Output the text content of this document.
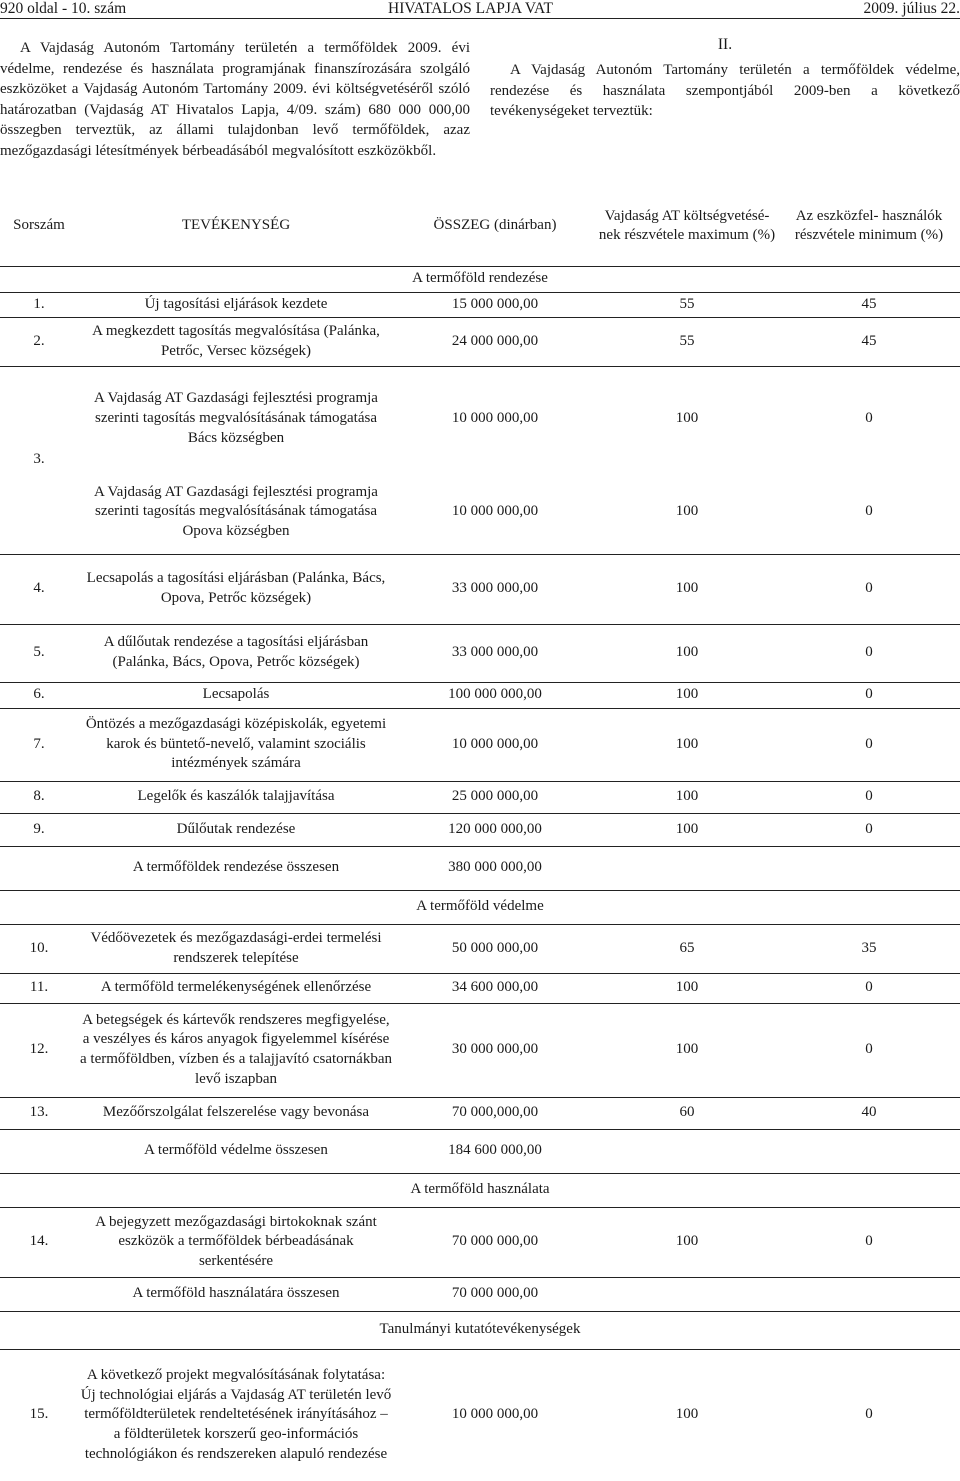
920 oldal - 10. szám	HIVATALOS LAPJA VAT	2009. július 22.
A Vajdaság Autonóm Tartomány területén a termőföldek 2009. évi védelme, rendezése és használata programjának finanszírozására szolgáló eszközöket a Vajdaság Autonóm Tartomány 2009. évi költségvetéséről szóló határozatban (Vajdaság AT Hivatalos Lapja, 4/09. szám) 680 000 000,00 összegben terveztük, az állami tulajdonban levő termőföldek, azaz mezőgazdasági létesítmények bérbeadásából megvalósított eszközökből.
II.
A Vajdaság Autonóm Tartomány területén a termőföldek védelme, rendezése és használata szempontjából 2009-ben a következő tevékenységeket terveztük:
Sorszám	TEVÉKENYSÉG	ÖSSZEG (dinárban)	Vajdaság AT költségvetésé-nek részvétele maximum (%)	Az eszközfel- használók részvétele minimum (%)
A termőföld rendezése				
1.	Új tagosítási eljárások kezdete	15 000 000,00	55	45
2.	A megkezdett tagosítás megvalósítása (Palánka, Petrőc, Versec községek)	24 000 000,00	55	45
3.	A Vajdaság AT Gazdasági fejlesztési programja szerinti tagosítás megvalósításának támogatása Bács községben	10 000 000,00	100	0
	A Vajdaság AT Gazdasági fejlesztési programja szerinti tagosítás megvalósításának támogatása Opova községben	10 000 000,00	100	0
4.	Lecsapolás a tagosítási eljárásban (Palánka, Bács, Opova, Petrőc községek)	33 000 000,00	100	0
5.	A dűlőutak rendezése a tagosítási eljárásban (Palánka, Bács, Opova, Petrőc községek)	33 000 000,00	100	0
6.	Lecsapolás	100 000 000,00	100	0
7.	Öntözés a mezőgazdasági középiskolák, egyetemi karok és büntető-nevelő, valamint szociális intézmények számára	10 000 000,00	100	0
8.	Legelők és kaszálók talajjavítása	25 000 000,00	100	0
9.	Dűlőutak rendezése	120 000 000,00	100	0
	A termőföldek rendezése összesen	380 000 000,00		
A termőföld védelme				
10.	Védőövezetek és mezőgazdasági-erdei termelési rendszerek telepítése	50 000 000,00	65	35
11.	A termőföld termelékenységének ellenőrzése	34 600 000,00	100	0
12.	A betegségek és kártevők rendszeres megfigyelése, a veszélyes és káros anyagok figyelemmel kísérése a termőföldben, vízben és a talajjavító csatornákban levő iszapban	30 000 000,00	100	0
13.	Mezőőrszolgálat felszerelése vagy bevonása	70 000,000,00	60	40
	A termőföld védelme összesen	184 600 000,00		
A termőföld használata				
14.	A bejegyzett mezőgazdasági birtokoknak szánt eszközök a termőföldek bérbeadásának serkentésére	70 000 000,00	100	0
	A termőföld használatára összesen	70 000 000,00		
Tanulmányi kutatótevékenységek				
15.	A következő projekt megvalósításának folytatása: Új technológiai eljárás a Vajdaság AT területén levő termőföldterületek rendeltetésének irányításához – a földterületek korszerű geo-információs technológiákon és rendszereken alapuló rendezése	10 000 000,00	100	0
